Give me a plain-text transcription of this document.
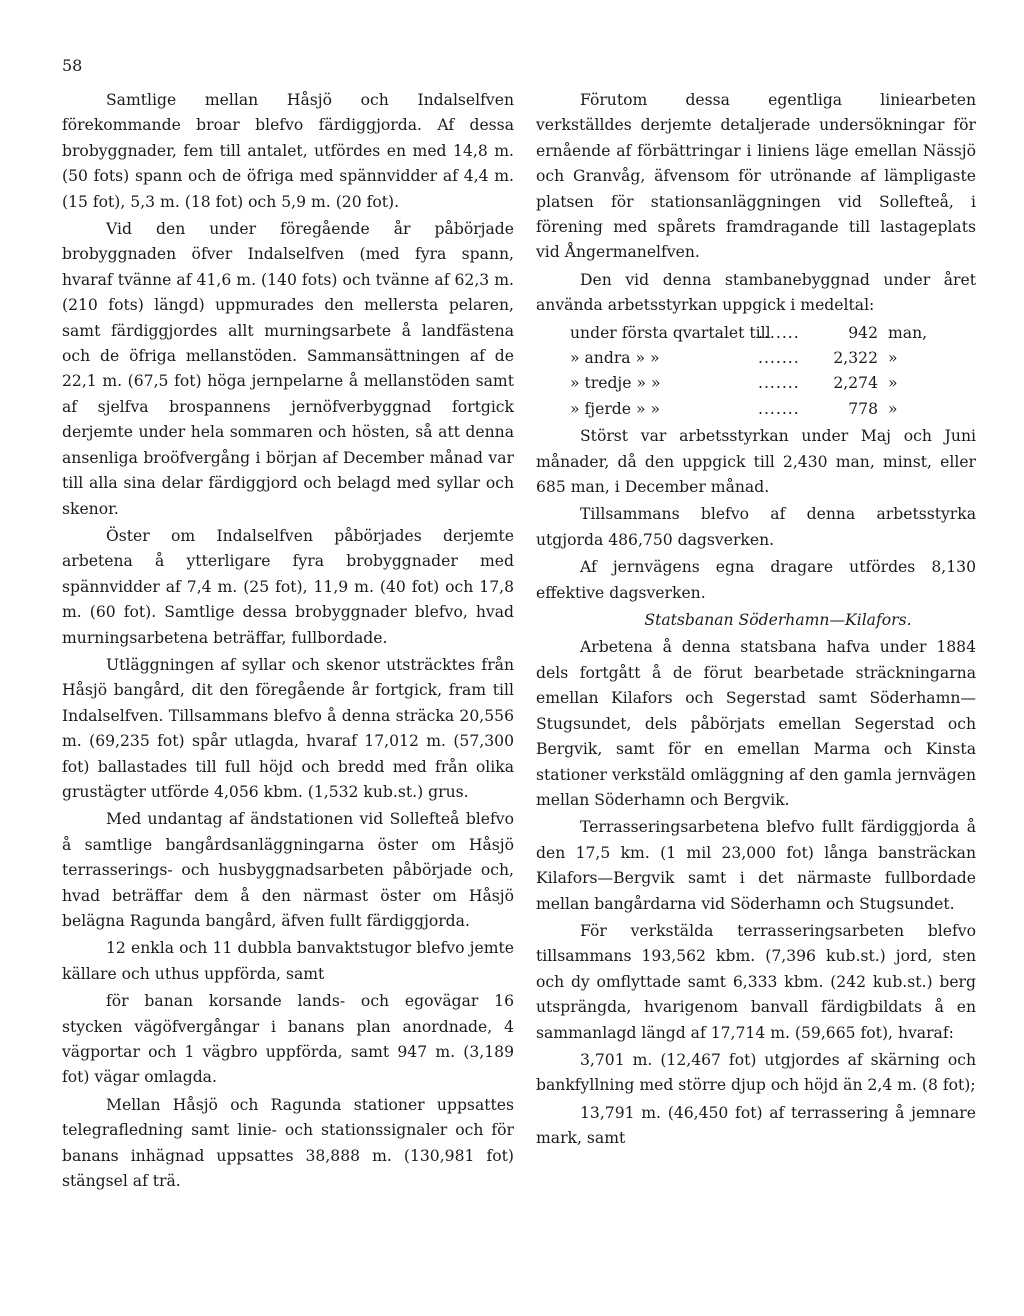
58

Samtlige mellan Håsjö och Indalselfven förekommande broar blefvo färdiggjorda. Af dessa brobyggnader, fem till antalet, utfördes en med 14,8 m. (50 fots) spann och de öfriga med spännvidder af 4,4 m. (15 fot), 5,3 m. (18 fot) och 5,9 m. (20 fot).

Vid den under föregående år påbörjade brobyggnaden öfver Indalselfven (med fyra spann, hvaraf tvänne af 41,6 m. (140 fots) och tvänne af 62,3 m. (210 fots) längd) uppmurades den mellersta pelaren, samt färdiggjordes allt murningsarbete å landfästena och de öfriga mellanstöden. Sammansättningen af de 22,1 m. (67,5 fot) höga jernpelarne å mellanstöden samt af sjelfva brospannens jernöfverbyggnad fortgick derjemte under hela sommaren och hösten, så att denna ansenliga broöfvergång i början af December månad var till alla sina delar färdiggjord och belagd med syllar och skenor.

Öster om Indalselfven påbörjades derjemte arbetena å ytterligare fyra brobyggnader med spännvidder af 7,4 m. (25 fot), 11,9 m. (40 fot) och 17,8 m. (60 fot). Samtlige dessa brobyggnader blefvo, hvad murningsarbetena beträffar, fullbordade.

Utläggningen af syllar och skenor utsträcktes från Håsjö bangård, dit den föregående år fortgick, fram till Indalselfven. Tillsammans blefvo å denna sträcka 20,556 m. (69,235 fot) spår utlagda, hvaraf 17,012 m. (57,300 fot) ballastades till full höjd och bredd med från olika grustägter utförde 4,056 kbm. (1,532 kub.st.) grus.

Med undantag af ändstationen vid Sollefteå blefvo å samtlige bangårdsanläggningarna öster om Håsjö terrasserings- och husbyggnadsarbeten påbörjade och, hvad beträffar dem å den närmast öster om Håsjö belägna Ragunda bangård, äfven fullt färdiggjorda.

12 enkla och 11 dubbla banvaktstugor blefvo jemte källare och uthus uppförda, samt

för banan korsande lands- och egovägar 16 stycken vägöfvergångar i banans plan anordnade, 4 vägportar och 1 vägbro uppförda, samt 947 m. (3,189 fot) vägar omlagda.

Mellan Håsjö och Ragunda stationer uppsattes telegrafledning samt linie- och stationssignaler och för banans inhägnad uppsattes 38,888 m. (130,981 fot) stängsel af trä.

Förutom dessa egentliga liniearbeten verkställdes derjemte detaljerade undersökningar för ernående af förbättringar i liniens läge emellan Nässjö och Granvåg, äfvensom för utrönande af lämpligaste platsen för stationsanläggningen vid Sollefteå, i förening med spårets framdragande till lastageplats vid Ångermanelfven.

Den vid denna stambanebyggnad under året använda arbetsstyrkan uppgick i medeltal:

under första qvartalet till .....	942 man,
» andra » » .....	2,322 »
» tredje » » .....	2,274 »
» fjerde » » .....	778 »

Störst var arbetsstyrkan under Maj och Juni månader, då den uppgick till 2,430 man, minst, eller 685 man, i December månad.

Tillsammans blefvo af denna arbetsstyrka utgjorda 486,750 dagsverken.

Af jernvägens egna dragare utfördes 8,130 effektive dagsverken.

Statsbanan Söderhamn—Kilafors.

Arbetena å denna statsbana hafva under 1884 dels fortgått å de förut bearbetade sträckningarna emellan Kilafors och Segerstad samt Söderhamn—Stugsundet, dels påbörjats emellan Segerstad och Bergvik, samt för en emellan Marma och Kinsta stationer verkstäld omläggning af den gamla jernvägen mellan Söderhamn och Bergvik.

Terrasseringsarbetena blefvo fullt färdiggjorda å den 17,5 km. (1 mil 23,000 fot) långa bansträckan Kilafors—Bergvik samt i det närmaste fullbordade mellan bangårdarna vid Söderhamn och Stugsundet.

För verkstälda terrasseringsarbeten blefvo tillsammans 193,562 kbm. (7,396 kub.st.) jord, sten och dy omflyttade samt 6,333 kbm. (242 kub.st.) berg utsprängda, hvarigenom banvall färdigbildats å en sammanlagd längd af 17,714 m. (59,665 fot), hvaraf:

3,701 m. (12,467 fot) utgjordes af skärning och bankfyllning med större djup och höjd än 2,4 m. (8 fot);

13,791 m. (46,450 fot) af terrassering å jemnare mark, samt
